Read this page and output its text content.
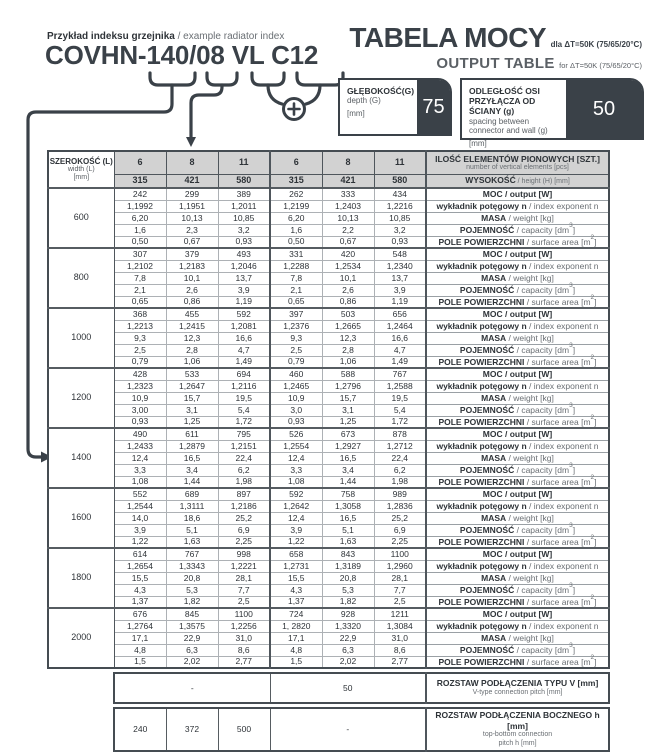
Przykład indeksu grzejnika / example radiator index
COVHN-140/08 VL C12
TABELA MOCY dla ΔT=50K (75/65/20°C)
OUTPUT TABLE for ΔT=50K (75/65/20°C)
GŁĘBOKOŚĆ(G)
depth (G)
[mm]	75
ODLEGŁOŚĆ OSI
PRZYŁĄCZA OD ŚCIANY (g)
spacing between
connector and wall (g)
[mm]
50
SZEROKOŚĆ (L)
width (L)
[mm]
	6	8	11	6	8	11	ILOŚĆ ELEMENTÓW PIONOWYCH [SZT.]
number of vertical elements [pcs]

	315	421	580	315	421	580	WYSOKOŚĆ / height (H) [mm]
600	242	299	389	262	333	434	MOC / output [W]
	1,1992	1,1951	1,2011	1,2199	1,2403	1,2216	wykładnik potęgowy n / index exponent n
	6,20	10,13	10,85	6,20	10,13	10,85	MASA / weight [kg]
	1,6	2,3	3,2	1,6	2,2	3,2	POJEMNOŚĆ / capacity $[dm^3]$
	0,50	0,67	0,93	0,50	0,67	0,93	POLE POWIERZCHNI / surface area $[m^2]$
800	307	379	493	331	420	548	MOC / output [W]
	1,2102	1,2183	1,2046	1,2288	1,2534	1,2340	wykładnik potęgowy n / index exponent n
	7,8	10,1	13,7	7,8	10,1	13,7	MASA / weight [kg]
	2,1	2,6	3,9	2,1	2,6	3,9	POJEMNOŚĆ / capacity $[dm^3]$
	0,65	0,86	1,19	0,65	0,86	1,19	POLE POWIERZCHNI / surface area $[m^2]$
1000	368	455	592	397	503	656	MOC / output [W]
	1,2213	1,2415	1,2081	1,2376	1,2665	1,2464	wykładnik potęgowy n / index exponent n
	9,3	12,3	16,6	9,3	12,3	16,6	MASA / weight [kg]
	2,5	2,8	4,7	2,5	2,8	4,7	POJEMNOŚĆ / capacity $[dm^3]$
	0,79	1,06	1,49	0,79	1,06	1,49	POLE POWIERZCHNI / surface area $[m^2]$
1200	428	533	694	460	588	767	MOC / output [W]
	1,2323	1,2647	1,2116	1,2465	1,2796	1,2588	wykładnik potęgowy n / index exponent n
	10,9	15,7	19,5	10,9	15,7	19,5	MASA / weight [kg]
	3,00	3,1	5,4	3,0	3,1	5,4	POJEMNOŚĆ / capacity $[dm^3]$
	0,93	1,25	1,72	0,93	1,25	1,72	POLE POWIERZCHNI / surface area $[m^2]$
1400	490	611	795	526	673	878	MOC / output [W]
	1,2433	1,2879	1,2151	1,2554	1,2927	1,2712	wykładnik potęgowy n / index exponent n
	12,4	16,5	22,4	12,4	16,5	22,4	MASA / weight [kg]
	3,3	3,4	6,2	3,3	3,4	6,2	POJEMNOŚĆ / capacity $[dm^3]$
	1,08	1,44	1,98	1,08	1,44	1,98	POLE POWIERZCHNI / surface area $[m^2]$
1600	552	689	897	592	758	989	MOC / output [W]
	1,2544	1,3111	1,2186	1,2642	1,3058	1,2836	wykładnik potęgowy n / index exponent n
	14,0	18,6	25,2	12,4	16,5	25,2	MASA / weight [kg]
	3,9	5,1	6,9	3,9	5,1	6,9	POJEMNOŚĆ / capacity $[dm^3]$
	1,22	1,63	2,25	1,22	1,63	2,25	POLE POWIERZCHNI / surface area $[m^2]$
1800	614	767	998	658	843	1100	MOC / output [W]
	1,2654	1,3343	1,2221	1,2731	1,3189	1,2960	wykładnik potęgowy n / index exponent n
	15,5	20,8	28,1	15,5	20,8	28,1	MASA / weight [kg]
	4,3	5,3	7,7	4,3	5,3	7,7	POJEMNOŚĆ / capacity $[dm^3]$
	1,37	1,82	2,5	1,37	1,82	2,5	POLE POWIERZCHNI / surface area $[m^2]$
2000	676	845	1100	724	928	1211	MOC / output [W]
	1,2764	1,3575	1,2256	1, 2820	1,3320	1,3084	wykładnik potęgowy n / index exponent n
	17,1	22,9	31,0	17,1	22,9	31,0	MASA / weight [kg]
	4,8	6,3	8,6	4,8	6,3	8,6	POJEMNOŚĆ / capacity $[dm^3]$
	1,5	2,02	2,77	1,5	2,02	2,77	POLE POWIERZCHNI / surface area $[m^2]$
-	50	ROZSTAW PODŁĄCZENIA TYPU V [mm]
V-type connection pitch [mm]
240	372	500	-	
ROZSTAW PODŁĄCZENIA BOCZNEGO h [mm]
top-bottom connection
pitch h [mm]
